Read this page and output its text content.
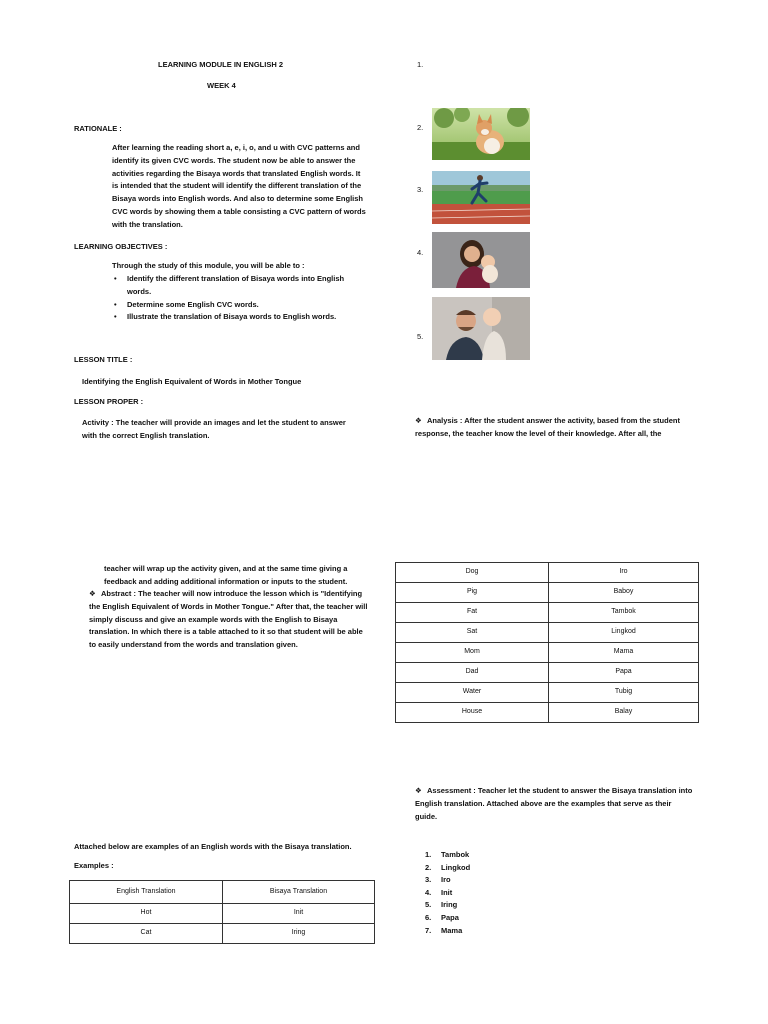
LEARNING MODULE IN ENGLISH 2
WEEK 4
RATIONALE :
After learning the reading short a, e, i, o, and u with CVC patterns and identify its given CVC words. The student now be able to answer the activities regarding the Bisaya words that translated English words. It is intended that the student will identify the different translation of the Bisaya words into English words. And also to determine some English CVC words by showing them a table consisting a CVC pattern of words with the translation.
LEARNING OBJECTIVES :
Through the study of this module, you will be able to :
• Identify the different translation of Bisaya words into English words.
• Determine some English CVC words.
• Illustrate the translation of Bisaya words to English words.
LESSON TITLE :
Identifying the English Equivalent of Words in Mother Tongue
LESSON PROPER :
Activity : The teacher will provide an images and let the student to answer with the correct English translation.
teacher will wrap up the activity given, and at the same time giving a feedback and adding additional information or inputs to the student.
❖ Abstract : The teacher will now introduce the lesson which is "Identifying the English Equivalent of Words in Mother Tongue." After that, the teacher will simply discuss and give an example words with the English to Bisaya translation. In which there is a table attached to it so that student will be able to easily understand from the words and translation given.
Attached below are examples of an English words with the Bisaya translation.
Examples :
English Translation	Bisaya Translation
Hot	Init
Cat	Iring
1.
2.
3.
4.
5.
❖ Analysis : After the student answer the activity, based from the student response, the teacher know the level of their knowledge. After all, the
Dog	Iro
Pig	Baboy
Fat	Tambok
Sat	Lingkod
Mom	Mama
Dad	Papa
Water	Tubig
House	Balay
❖ Assessment : Teacher let the student to answer the Bisaya translation into English translation. Attached above are the examples that serve as their guide.
1. Tambok
2. Lingkod
3. Iro
4. Init
5. Iring
6. Papa
7. Mama
